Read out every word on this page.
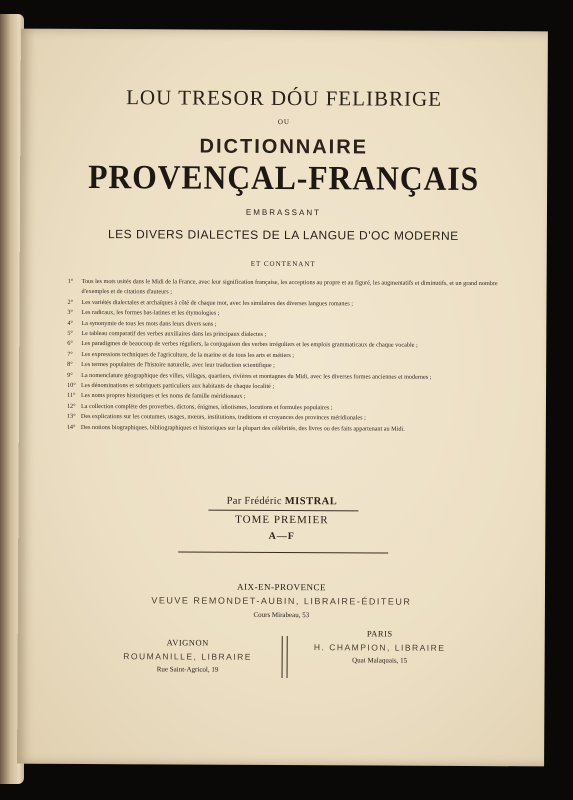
LOU TRESOR DÓU FELIBRIGE
OU
DICTIONNAIRE
PROVENÇAL-FRANÇAIS
EMBRASSANT
LES DIVERS DIALECTES DE LA LANGUE D'OC MODERNE
ET CONTENANT
1° Tous les mots usités dans le Midi de la France, avec leur signification française, les acceptions au propre et au figuré, les augmentatifs et diminutifs, et un grand nombre d'exemples et de citations d'auteurs ;
2° Les variétés dialectales et archaïques à côté de chaque mot, avec les similaires des diverses langues romanes ;
3° Les radicaux, les formes bas-latines et les étymologies ;
4° La synonymie de tous les mots dans leurs divers sens ;
5° Le tableau comparatif des verbes auxiliaires dans les principaux dialectes ;
6° Les paradigmes de beaucoup de verbes réguliers, la conjugaison des verbes irréguliers et les emplois grammaticaux de chaque vocable ;
7° Les expressions techniques de l'agriculture, de la marine et de tous les arts et métiers ;
8° Les termes populaires de l'histoire naturelle, avec leur traduction scientifique ;
9° La nomenclature géographique des villes, villages, quartiers, rivières et montagnes du Midi, avec les diverses formes anciennes et modernes ;
10° Les dénominations et sobriquets particuliers aux habitants de chaque localité ;
11° Les noms propres historiques et les noms de famille méridionaux ;
12° La collection complète des proverbes, dictons, énigmes, idiotismes, locutions et formules populaires ;
13° Des explications sur les coutumes, usages, mœurs, institutions, traditions et croyances des provinces méridionales ;
14° Des notions biographiques, bibliographiques et historiques sur la plupart des célébrités, des livres ou des faits appartenant au Midi.
Par Frédéric MISTRAL
TOME PREMIER
A—F
AIX-EN-PROVENCE
VEUVE REMONDET-AUBIN, LIBRAIRE-ÉDITEUR
Cours Mirabeau, 53
AVIGNON
ROUMANILLE, LIBRAIRE
Rue Saint-Agricol, 19
PARIS
H. CHAMPION, LIBRAIRE
Quai Malaquais, 15
